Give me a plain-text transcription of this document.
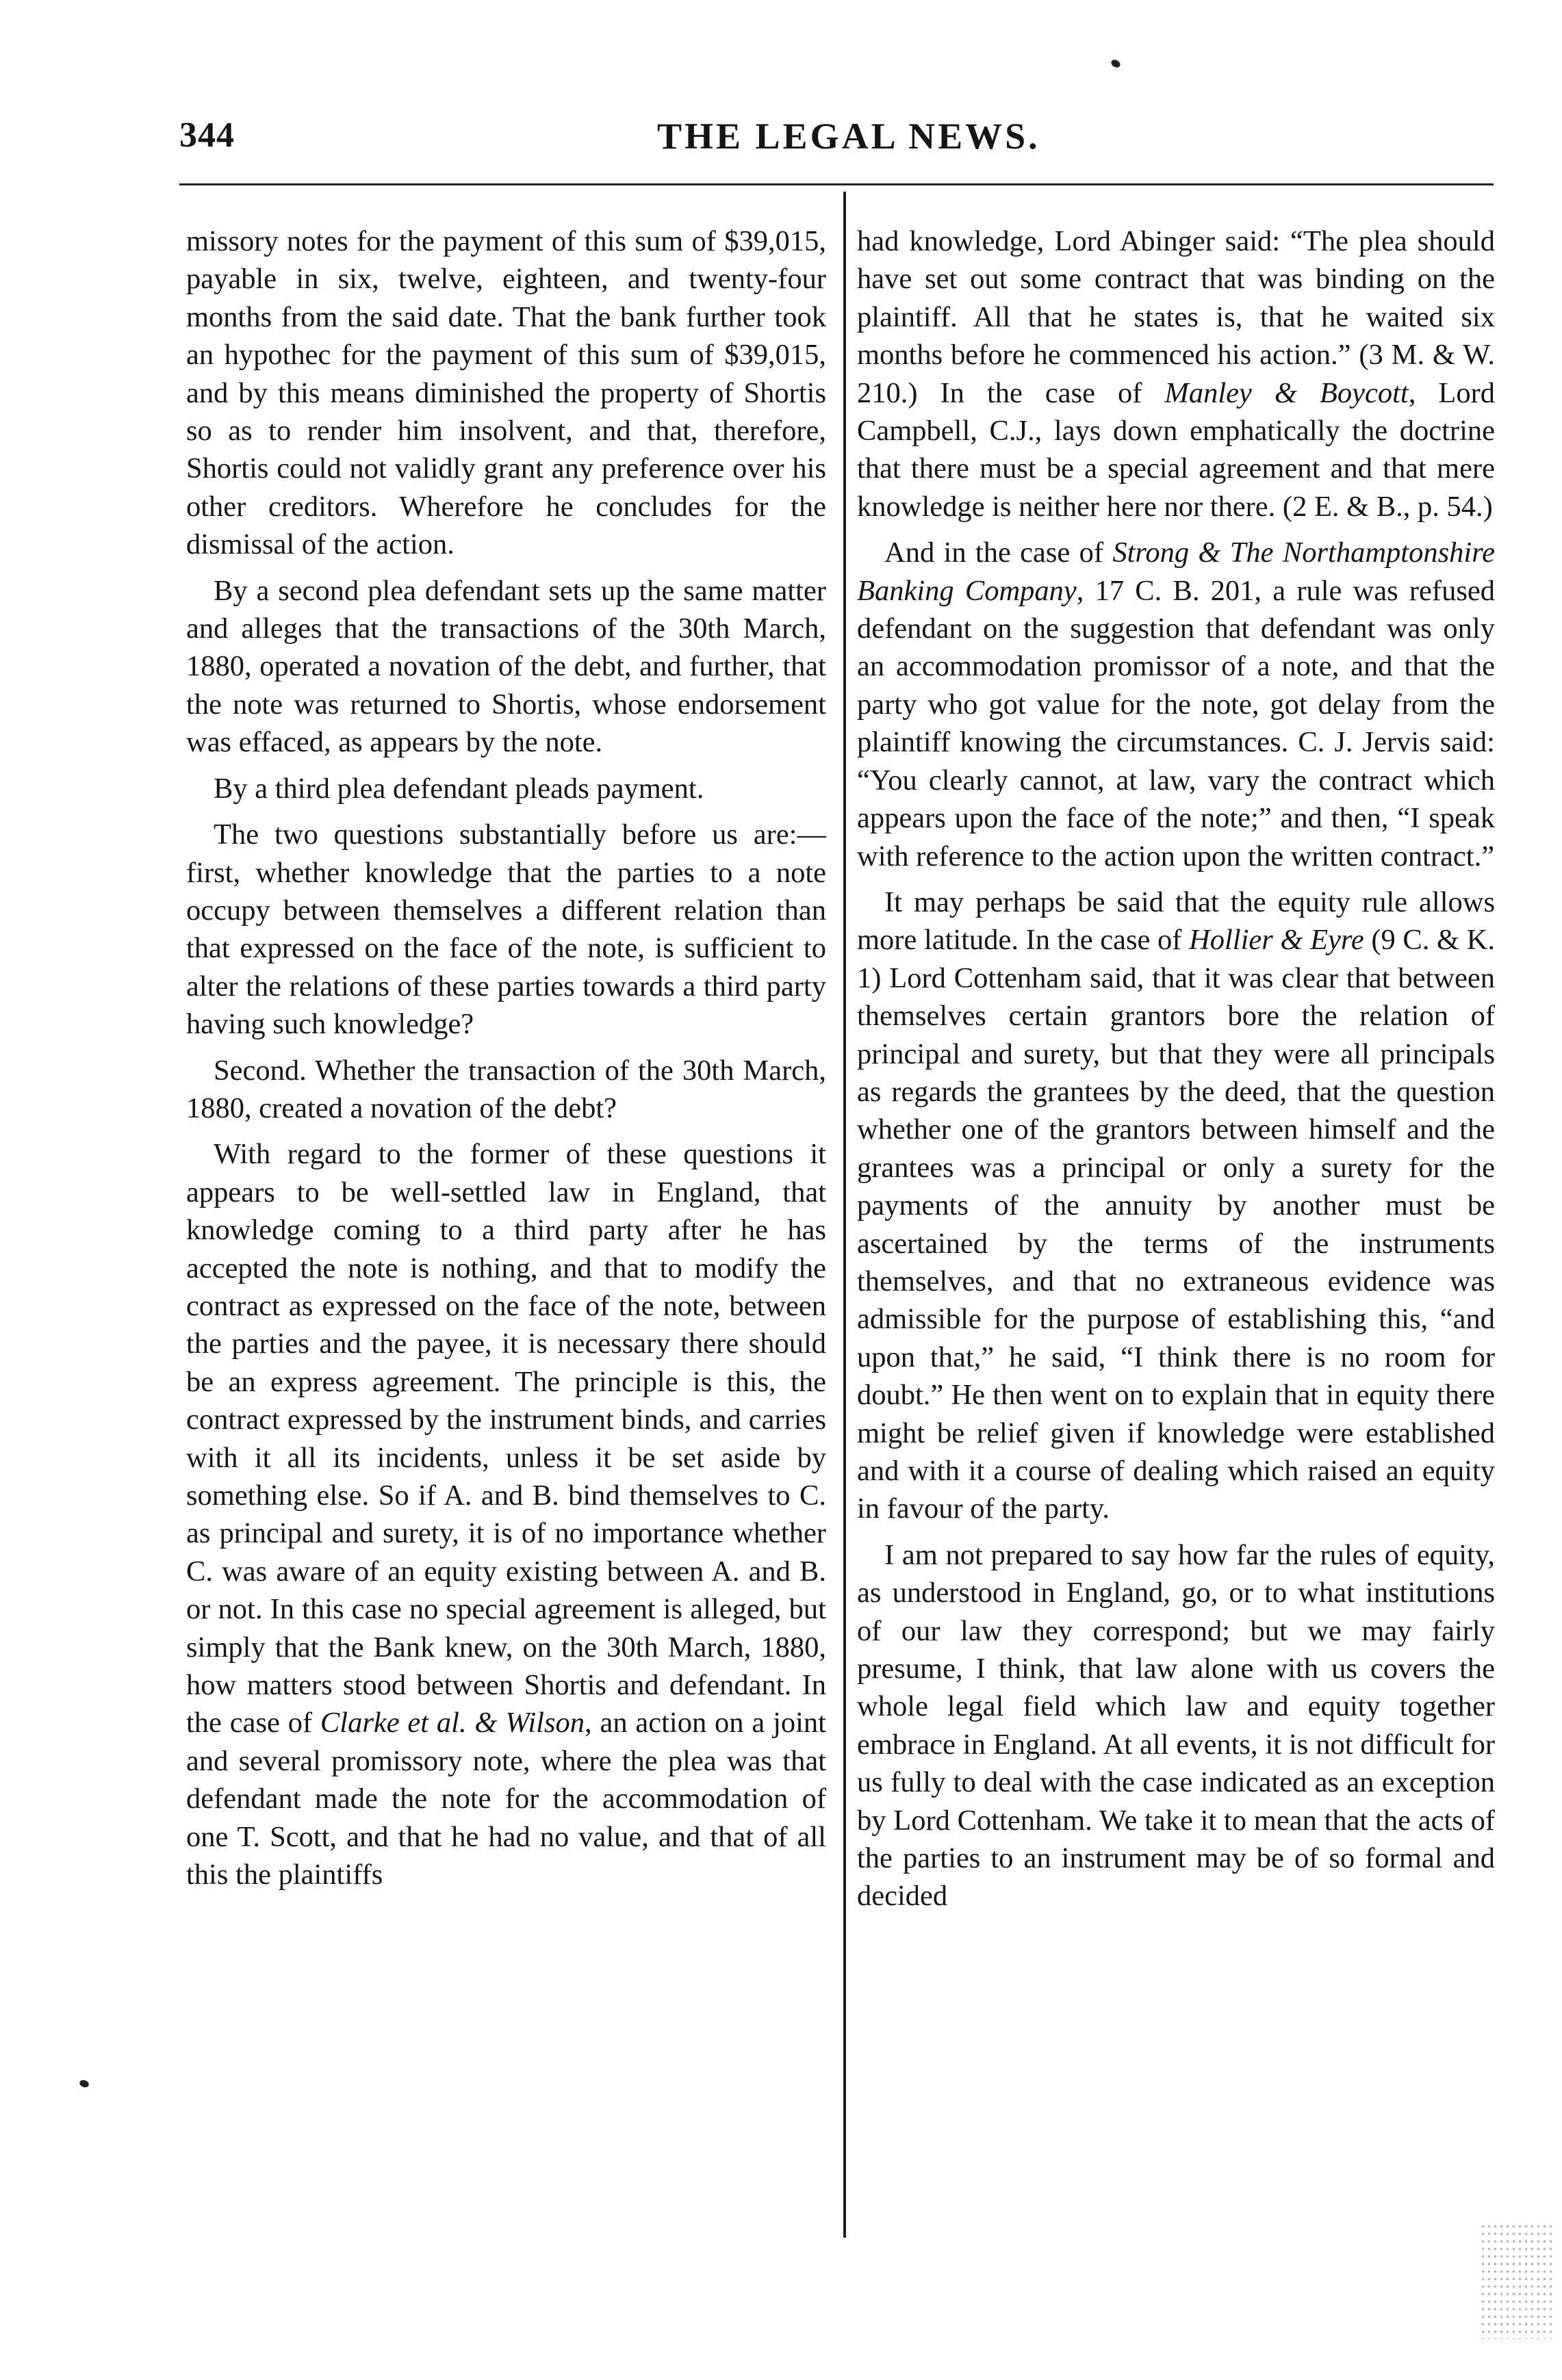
344	THE LEGAL NEWS.

missory notes for the payment of this sum of $39,015, payable in six, twelve, eighteen, and twenty-four months from the said date. That the bank further took an hypothec for the payment of this sum of $39,015, and by this means diminished the property of Shortis so as to render him insolvent, and that, therefore, Shortis could not validly grant any preference over his other creditors. Wherefore he concludes for the dismissal of the action.

By a second plea defendant sets up the same matter and alleges that the transactions of the 30th March, 1880, operated a novation of the debt, and further, that the note was returned to Shortis, whose endorsement was effaced, as appears by the note.

By a third plea defendant pleads payment.

The two questions substantially before us are:—first, whether knowledge that the parties to a note occupy between themselves a different relation than that expressed on the face of the note, is sufficient to alter the relations of these parties towards a third party having such knowledge?

Second. Whether the transaction of the 30th March, 1880, created a novation of the debt?

With regard to the former of these questions it appears to be well-settled law in England, that knowledge coming to a third party after he has accepted the note is nothing, and that to modify the contract as expressed on the face of the note, between the parties and the payee, it is necessary there should be an express agreement. The principle is this, the contract expressed by the instrument binds, and carries with it all its incidents, unless it be set aside by something else. So if A. and B. bind themselves to C. as principal and surety, it is of no importance whether C. was aware of an equity existing between A. and B. or not. In this case no special agreement is alleged, but simply that the Bank knew, on the 30th March, 1880, how matters stood between Shortis and defendant. In the case of Clarke et al. & Wilson, an action on a joint and several promissory note, where the plea was that defendant made the note for the accommodation of one T. Scott, and that he had no value, and that of all this the plaintiffs

had knowledge, Lord Abinger said: “The plea should have set out some contract that was binding on the plaintiff. All that he states is, that he waited six months before he commenced his action.” (3 M. & W. 210.) In the case of Manley & Boycott, Lord Campbell, C.J., lays down emphatically the doctrine that there must be a special agreement and that mere knowledge is neither here nor there. (2 E. & B., p. 54.)

And in the case of Strong & The Northamptonshire Banking Company, 17 C. B. 201, a rule was refused defendant on the suggestion that defendant was only an accommodation promissor of a note, and that the party who got value for the note, got delay from the plaintiff knowing the circumstances. C. J. Jervis said: “You clearly cannot, at law, vary the contract which appears upon the face of the note;” and then, “I speak with reference to the action upon the written contract.”

It may perhaps be said that the equity rule allows more latitude. In the case of Hollier & Eyre (9 C. & K. 1) Lord Cottenham said, that it was clear that between themselves certain grantors bore the relation of principal and surety, but that they were all principals as regards the grantees by the deed, that the question whether one of the grantors between himself and the grantees was a principal or only a surety for the payments of the annuity by another must be ascertained by the terms of the instruments themselves, and that no extraneous evidence was admissible for the purpose of establishing this, “and upon that,” he said, “I think there is no room for doubt.” He then went on to explain that in equity there might be relief given if knowledge were established and with it a course of dealing which raised an equity in favour of the party.

I am not prepared to say how far the rules of equity, as understood in England, go, or to what institutions of our law they correspond; but we may fairly presume, I think, that law alone with us covers the whole legal field which law and equity together embrace in England. At all events, it is not difficult for us fully to deal with the case indicated as an exception by Lord Cottenham. We take it to mean that the acts of the parties to an instrument may be of so formal and decided
